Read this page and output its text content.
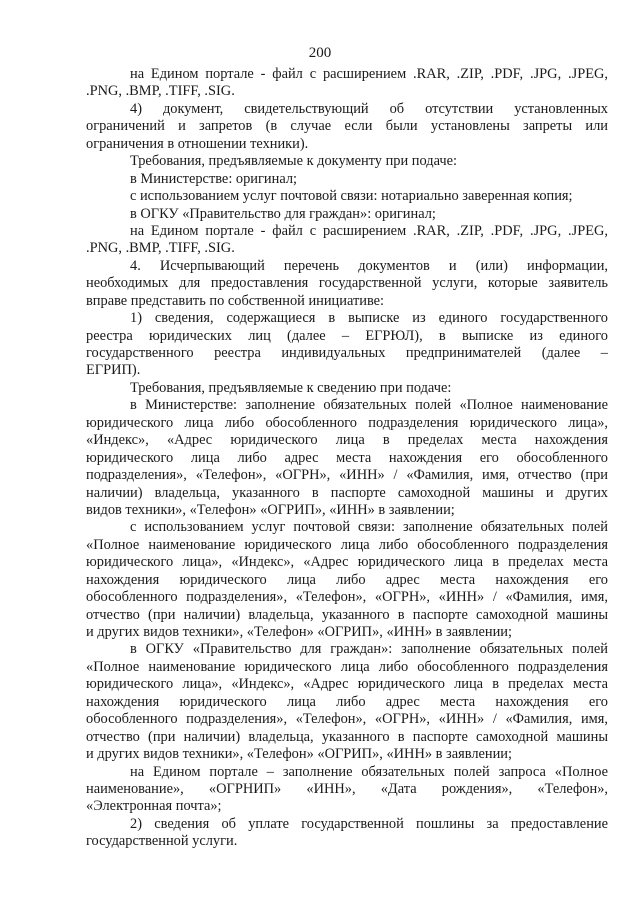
200
на Едином портале - файл с расширением .RAR, .ZIP, .PDF, .JPG, .JPEG,
.PNG, .BMP, .TIFF, .SIG.
4) документ, свидетельствующий об отсутствии установленных
ограничений и запретов (в случае если были установлены запреты или
ограничения в отношении техники).
Требования, предъявляемые к документу при подаче:
в Министерстве: оригинал;
с использованием услуг почтовой связи: нотариально заверенная копия;
в ОГКУ «Правительство для граждан»: оригинал;
на Едином портале - файл с расширением .RAR, .ZIP, .PDF, .JPG, .JPEG,
.PNG, .BMP, .TIFF, .SIG.
4. Исчерпывающий перечень документов и (или) информации,
необходимых для предоставления государственной услуги, которые заявитель
вправе представить по собственной инициативе:
1) сведения, содержащиеся в выписке из единого государственного
реестра юридических лиц (далее – ЕГРЮЛ), в выписке из единого
государственного реестра индивидуальных предпринимателей (далее –
ЕГРИП).
Требования, предъявляемые к сведению при подаче:
в Министерстве: заполнение обязательных полей «Полное наименование
юридического лица либо обособленного подразделения юридического лица»,
«Индекс», «Адрес юридического лица в пределах места нахождения
юридического лица либо адрес места нахождения его обособленного
подразделения», «Телефон», «ОГРН», «ИНН» / «Фамилия, имя, отчество (при
наличии) владельца, указанного в паспорте самоходной машины и других
видов техники», «Телефон» «ОГРИП», «ИНН» в заявлении;
с использованием услуг почтовой связи: заполнение обязательных полей
«Полное наименование юридического лица либо обособленного подразделения
юридического лица», «Индекс», «Адрес юридического лица в пределах места
нахождения юридического лица либо адрес места нахождения его
обособленного подразделения», «Телефон», «ОГРН», «ИНН» / «Фамилия, имя,
отчество (при наличии) владельца, указанного в паспорте самоходной машины
и других видов техники», «Телефон» «ОГРИП», «ИНН» в заявлении;
в ОГКУ «Правительство для граждан»: заполнение обязательных полей
«Полное наименование юридического лица либо обособленного подразделения
юридического лица», «Индекс», «Адрес юридического лица в пределах места
нахождения юридического лица либо адрес места нахождения его
обособленного подразделения», «Телефон», «ОГРН», «ИНН» / «Фамилия, имя,
отчество (при наличии) владельца, указанного в паспорте самоходной машины
и других видов техники», «Телефон» «ОГРИП», «ИНН» в заявлении;
на Едином портале – заполнение обязательных полей запроса «Полное
наименование», «ОГРНИП» «ИНН», «Дата рождения», «Телефон»,
«Электронная почта»;
2) сведения об уплате государственной пошлины за предоставление
государственной услуги.
